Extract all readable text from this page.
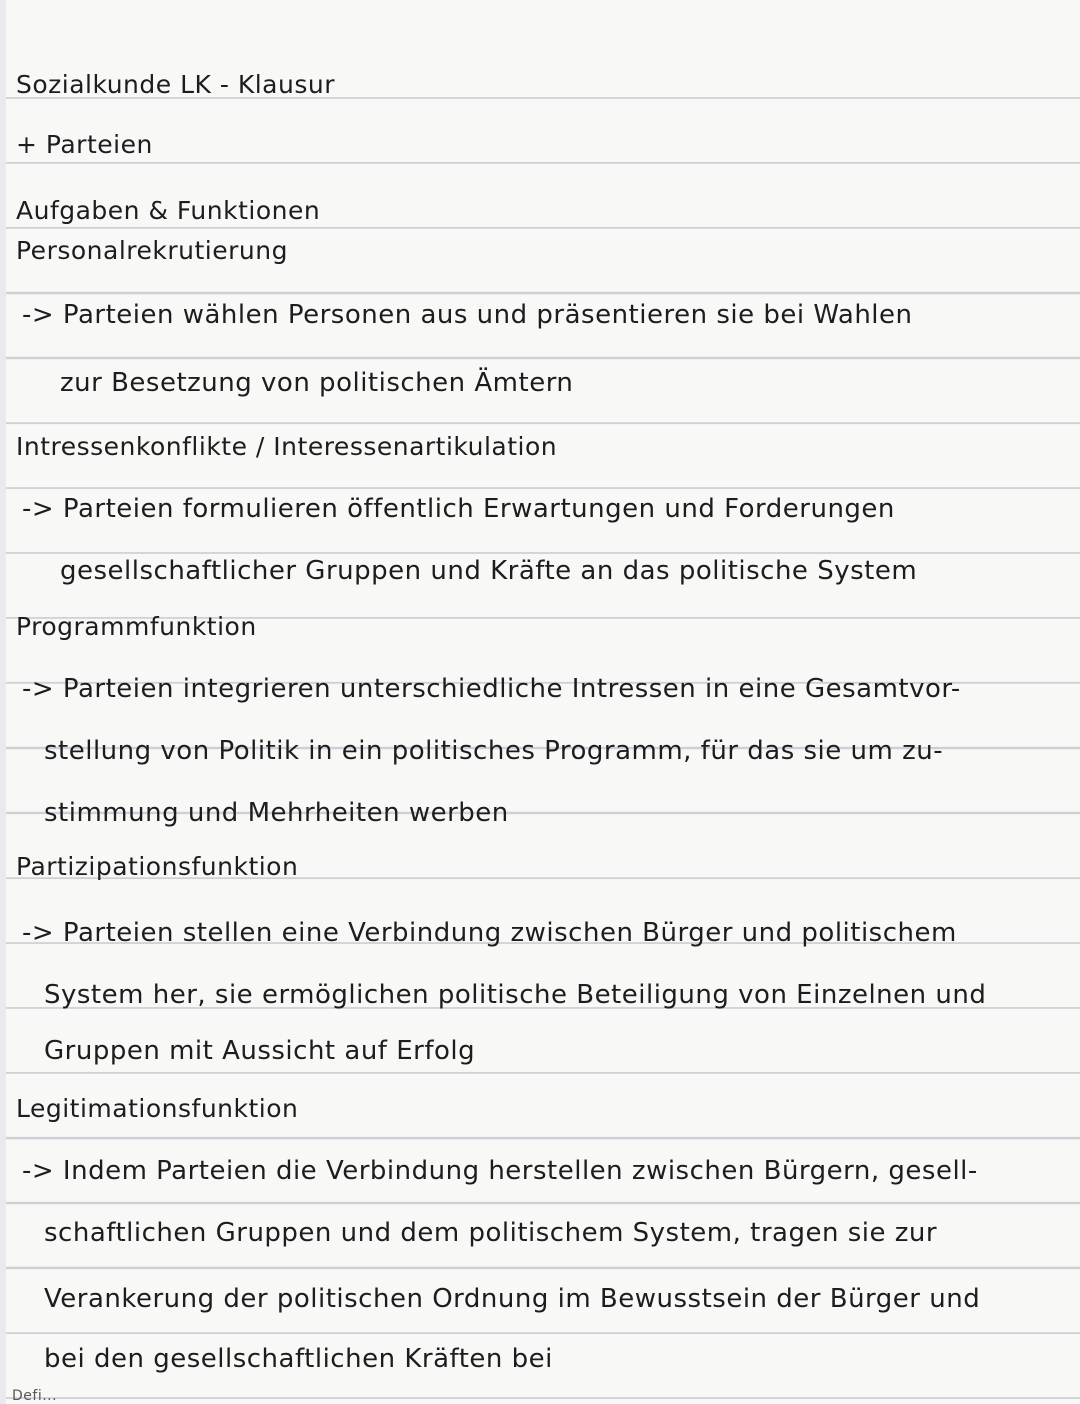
Sozialkunde LK - Klausur
+ Parteien
Aufgaben & Funktionen
Personalrekrutierung
-> Parteien wählen Personen aus und präsentieren sie bei Wahlen
zur Besetzung von politischen Ämtern
Intressenkonflikte / Interessenartikulation
-> Parteien formulieren öffentlich Erwartungen und Forderungen
gesellschaftlicher Gruppen und Kräfte an das politische System
Programmfunktion
-> Parteien integrieren unterschiedliche Intressen in eine Gesamtvor-
stellung von Politik in ein politisches Programm, für das sie um zu-
stimmung und Mehrheiten werben
Partizipationsfunktion
-> Parteien stellen eine Verbindung zwischen Bürger und politischem
System her, sie ermöglichen politische Beteiligung von Einzelnen und
Gruppen mit Aussicht auf Erfolg
Legitimationsfunktion
-> Indem Parteien die Verbindung herstellen zwischen Bürgern, gesell-
schaftlichen Gruppen und dem politischem System, tragen sie zur
Verankerung der politischen Ordnung im Bewusstsein der Bürger und
bei den gesellschaftlichen Kräften bei
Defi...
